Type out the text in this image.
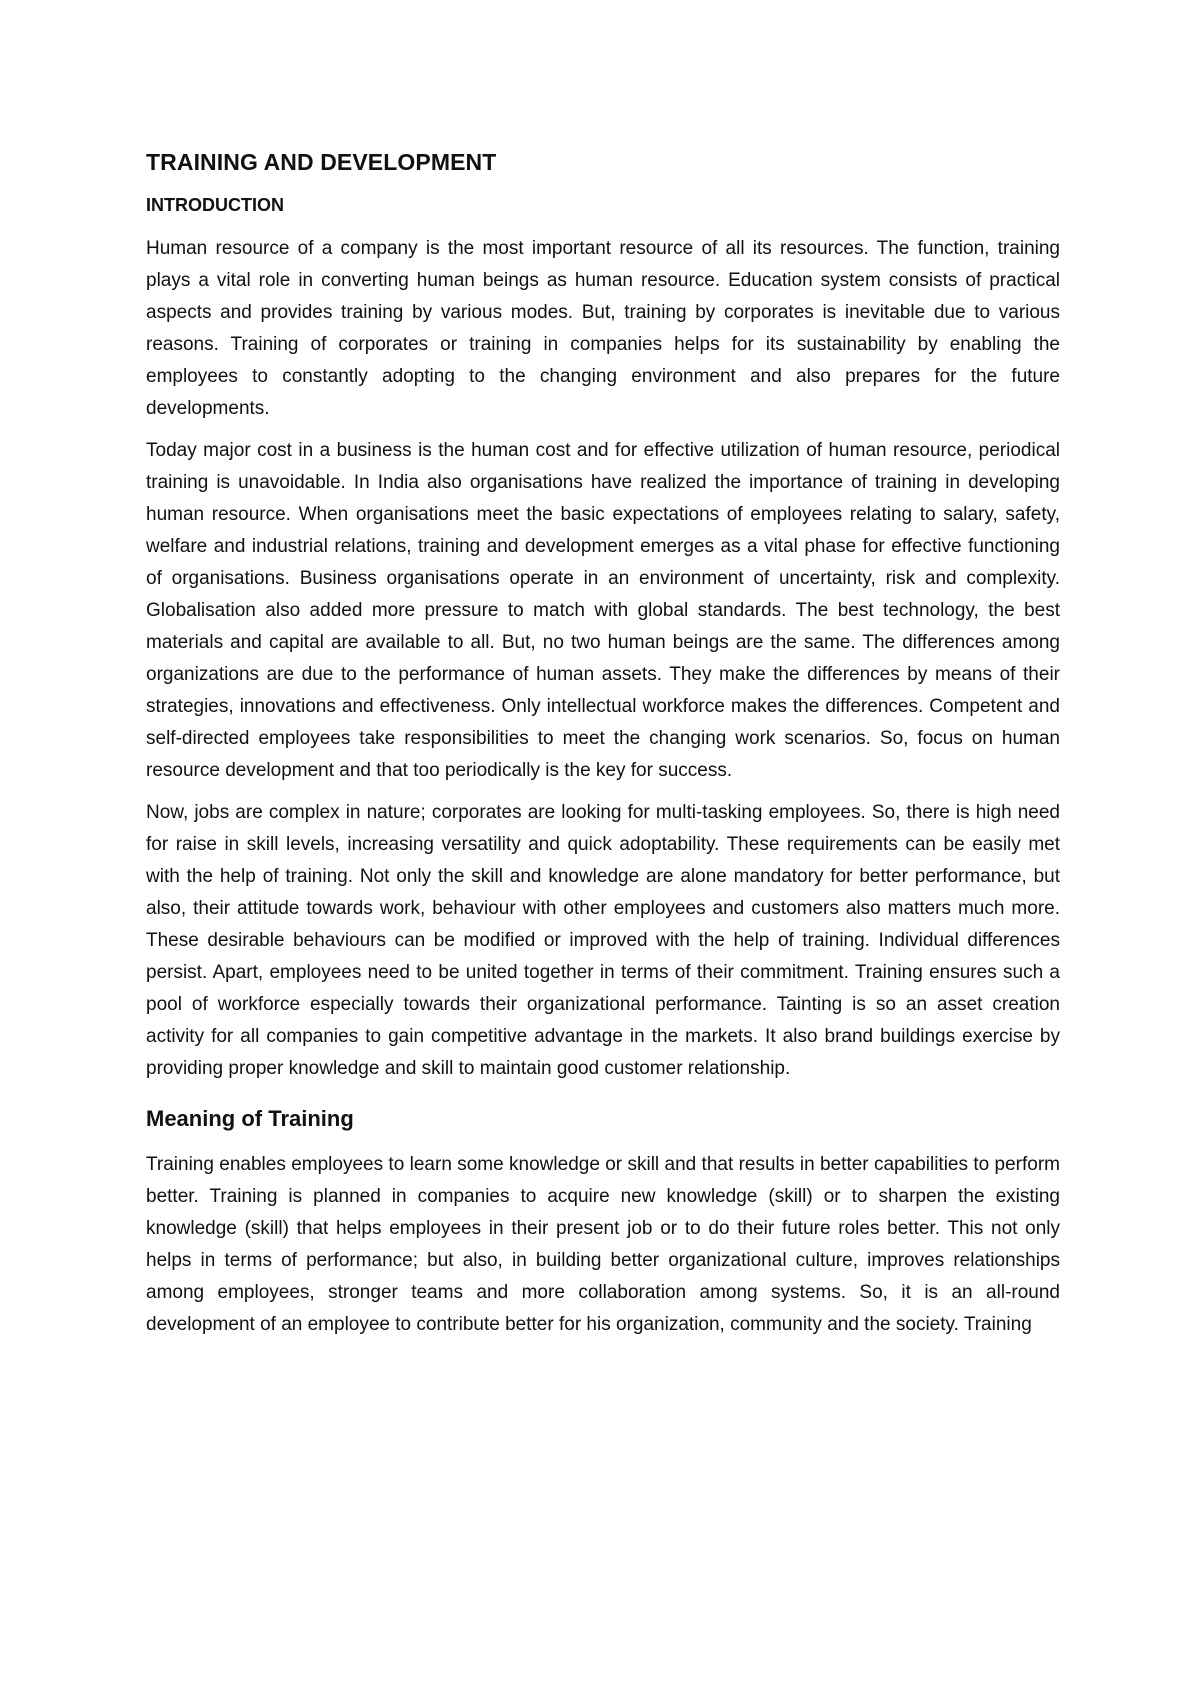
TRAINING AND DEVELOPMENT
INTRODUCTION

Human resource of a company is the most important resource of all its resources. The function, training plays a vital role in converting human beings as human resource. Education system consists of practical aspects and provides training by various modes. But, training by corporates is inevitable due to various reasons. Training of corporates or training in companies helps for its sustainability by enabling the employees to constantly adopting to the changing environment and also prepares for the future developments.

Today major cost in a business is the human cost and for effective utilization of human resource, periodical training is unavoidable. In India also organisations have realized the importance of training in developing human resource. When organisations meet the basic expectations of employees relating to salary, safety, welfare and industrial relations, training and development emerges as a vital phase for effective functioning of organisations. Business organisations operate in an environment of uncertainty, risk and complexity. Globalisation also added more pressure to match with global standards. The best technology, the best materials and capital are available to all. But, no two human beings are the same. The differences among organizations are due to the performance of human assets. They make the differences by means of their strategies, innovations and effectiveness. Only intellectual workforce makes the differences. Competent and self-directed employees take responsibilities to meet the changing work scenarios. So, focus on human resource development and that too periodically is the key for success.

Now, jobs are complex in nature; corporates are looking for multi-tasking employees. So, there is high need for raise in skill levels, increasing versatility and quick adoptability. These requirements can be easily met with the help of training. Not only the skill and knowledge are alone mandatory for better performance, but also, their attitude towards work, behaviour with other employees and customers also matters much more. These desirable behaviours can be modified or improved with the help of training. Individual differences persist. Apart, employees need to be united together in terms of their commitment. Training ensures such a pool of workforce especially towards their organizational performance. Tainting is so an asset creation activity for all companies to gain competitive advantage in the markets. It also brand buildings exercise by providing proper knowledge and skill to maintain good customer relationship.

Meaning of Training

Training enables employees to learn some knowledge or skill and that results in better capabilities to perform better. Training is planned in companies to acquire new knowledge (skill) or to sharpen the existing knowledge (skill) that helps employees in their present job or to do their future roles better. This not only helps in terms of performance; but also, in building better organizational culture, improves relationships among employees, stronger teams and more collaboration among systems. So, it is an all-round development of an employee to contribute better for his organization, community and the society. Training
